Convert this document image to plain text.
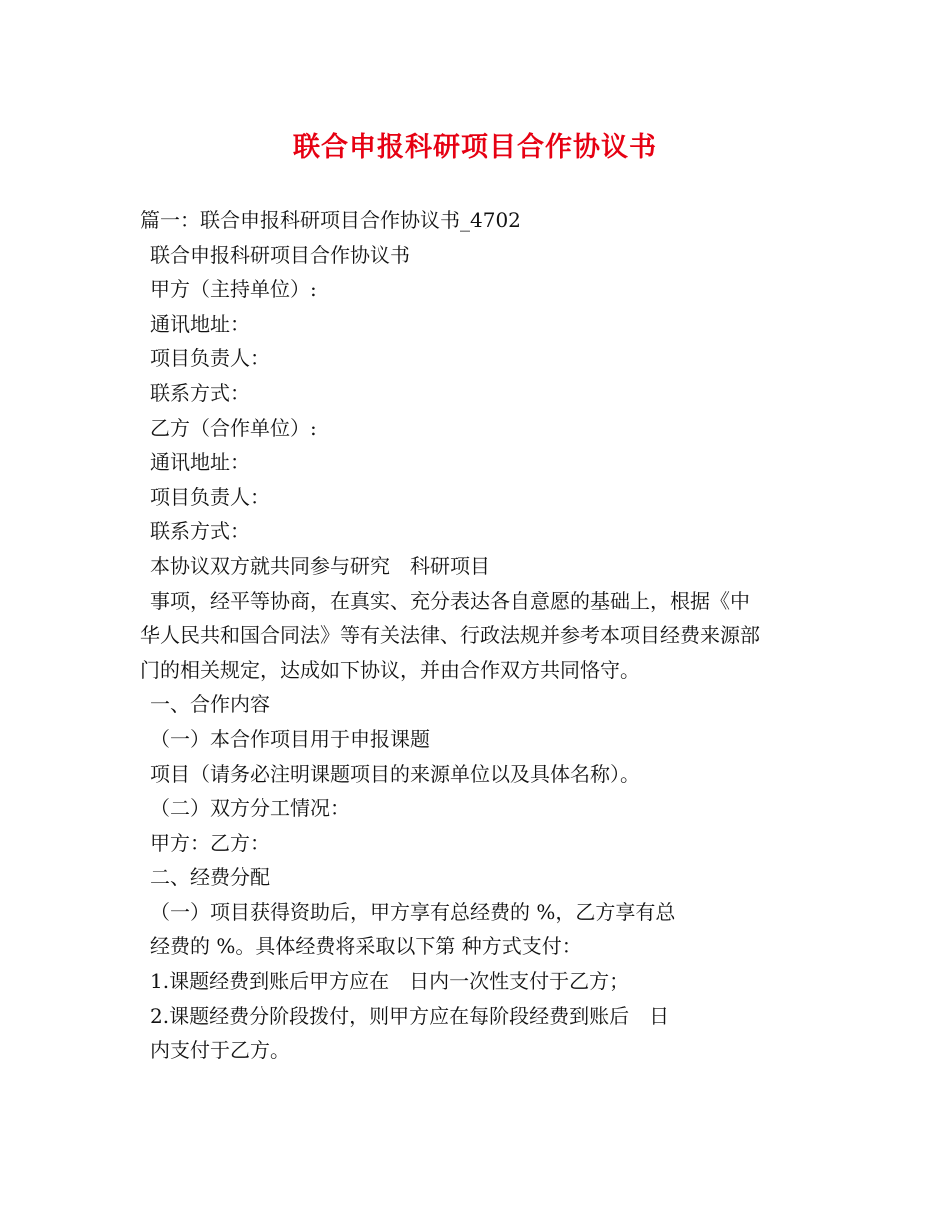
联合申报科研项目合作协议书
篇一：联合申报科研项目合作协议书_4702
联合申报科研项目合作协议书
甲方（主持单位）:
通讯地址：
项目负责人：
联系方式：
乙方（合作单位）:
通讯地址：
项目负责人：
联系方式：
本协议双方就共同参与研究　科研项目
事项，经平等协商，在真实、充分表达各自意愿的基础上，根据《中
华人民共和国合同法》等有关法律、行政法规并参考本项目经费来源部
门的相关规定，达成如下协议，并由合作双方共同恪守。
一、合作内容
（一）本合作项目用于申报课题
项目（请务必注明课题项目的来源单位以及具体名称）。
（二）双方分工情况：
甲方：乙方：
二、经费分配
（一）项目获得资助后，甲方享有总经费的 %，乙方享有总
经费的 %。具体经费将采取以下第 种方式支付：
1.课题经费到账后甲方应在　日内一次性支付于乙方；
2.课题经费分阶段拨付，则甲方应在每阶段经费到账后　日
内支付于乙方。
